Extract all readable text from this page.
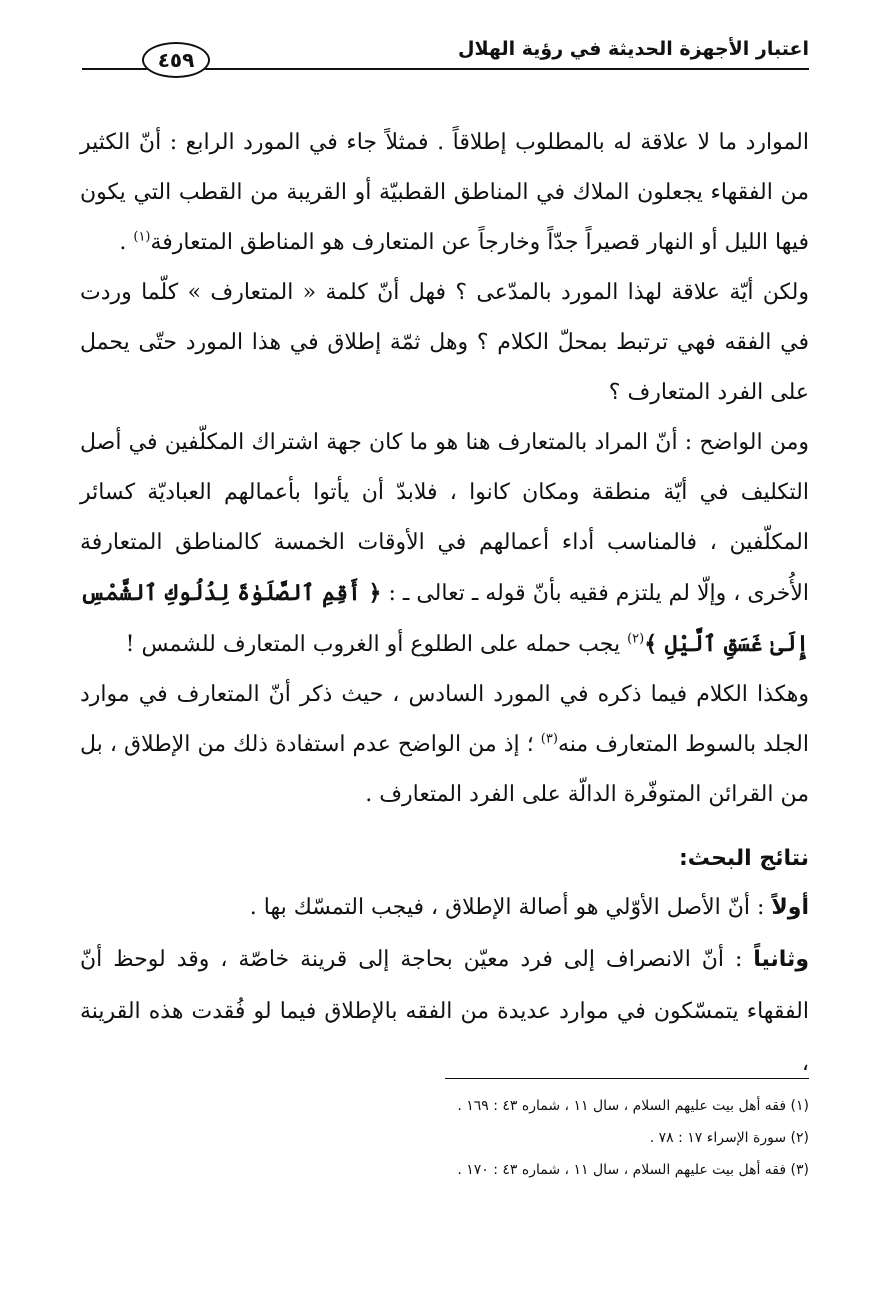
اعتبار الأجهزة الحديثة في رؤية الهلال
٤٥٩

الموارد ما لا علاقة له بالمطلوب إطلاقاً . فمثلاً جاء في المورد الرابع : أنّ الكثير من الفقهاء يجعلون الملاك في المناطق القطبيّة أو القريبة من القطب التي يكون فيها الليل أو النهار قصيراً جدّاً وخارجاً عن المتعارف هو المناطق المتعارفة$^{(١)}$ .

ولكن أيّة علاقة لهذا المورد بالمدّعى ؟ فهل أنّ كلمة « المتعارف » كلّما وردت في الفقه فهي ترتبط بمحلّ الكلام ؟ وهل ثمّة إطلاق في هذا المورد حتّى يحمل على الفرد المتعارف ؟

ومن الواضح : أنّ المراد بالمتعارف هنا هو ما كان جهة اشتراك المكلّفين في أصل التكليف في أيّة منطقة ومكان كانوا ، فلابدّ أن يأتوا بأعمالهم العباديّة كسائر المكلّفين ، فالمناسب أداء أعمالهم في الأوقات الخمسة كالمناطق المتعارفة الأُخرى ، وإلّا لم يلتزم فقيه بأنّ قوله ـ تعالى ـ : ﴿ أَقِمِ ٱلصَّلَوٰةَ لِدُلُوكِ ٱلشَّمْسِ إِلَىٰ غَسَقِ ٱلَّيْلِ ﴾$^{(٢)}$ يجب حمله على الطلوع أو الغروب المتعارف للشمس !

وهكذا الكلام فيما ذكره في المورد السادس ، حيث ذكر أنّ المتعارف في موارد الجلد بالسوط المتعارف منه$^{(٣)}$ ؛ إذ من الواضح عدم استفادة ذلك من الإطلاق ، بل من القرائن المتوفّرة الدالّة على الفرد المتعارف .

نتائج البحث:

أولاً : أنّ الأصل الأوّلي هو أصالة الإطلاق ، فيجب التمسّك بها .

وثانياً : أنّ الانصراف إلى فرد معيّن بحاجة إلى قرينة خاصّة ، وقد لوحظ أنّ الفقهاء يتمسّكون في موارد عديدة من الفقه بالإطلاق فيما لو فُقدت هذه القرينة ،

(١) فقه أهل بيت عليهم السلام ، سال ١١ ، شماره ٤٣ : ١٦٩ .

(٢) سورة الإسراء ١٧ : ٧٨ .

(٣) فقه أهل بيت عليهم السلام ، سال ١١ ، شماره ٤٣ : ١٧٠ .
